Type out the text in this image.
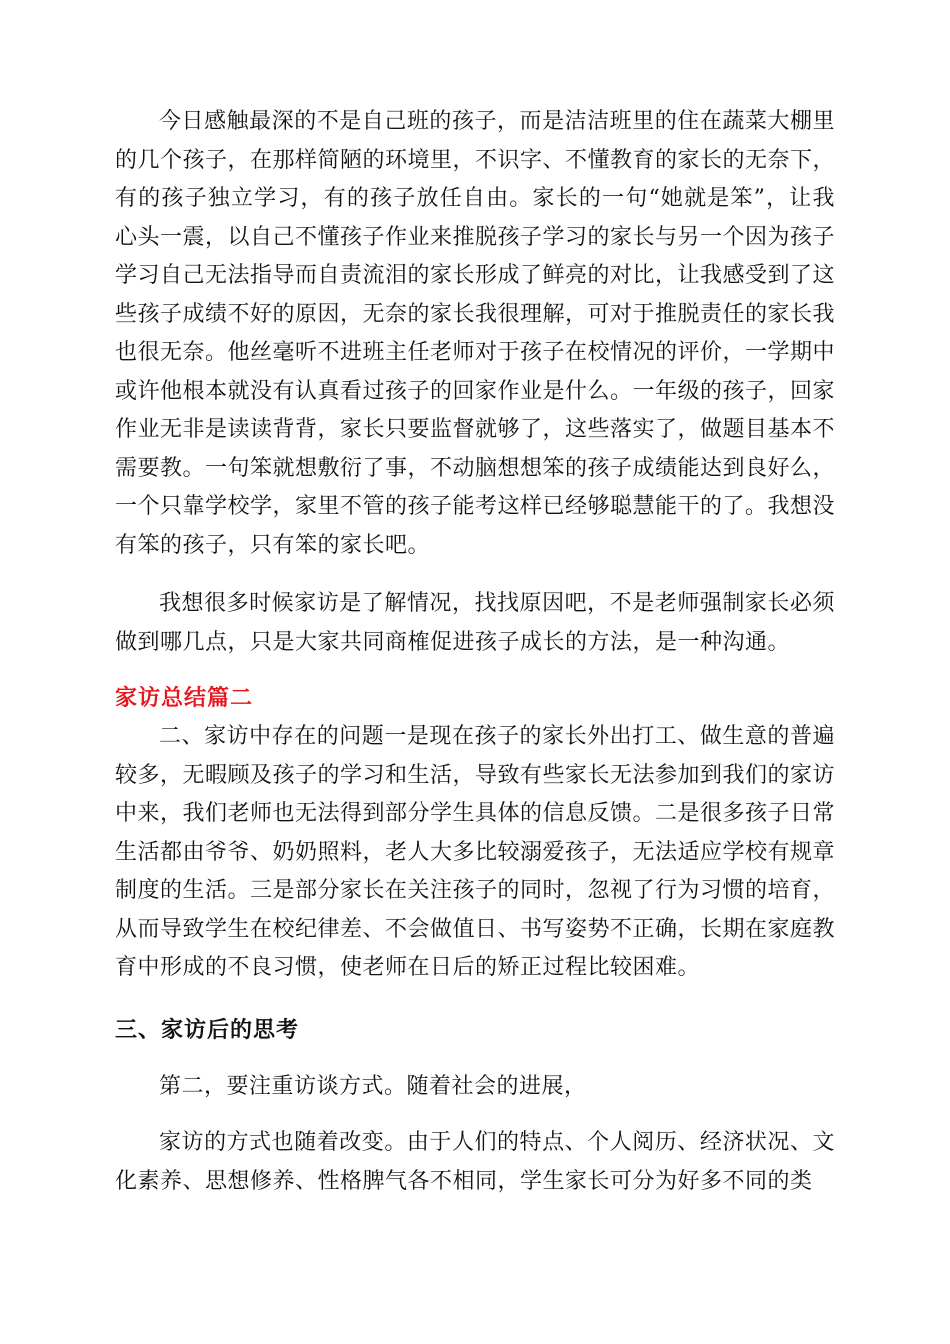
今日感触最深的不是自己班的孩子，而是洁洁班里的住在蔬菜大棚里的几个孩子，在那样简陋的环境里，不识字、不懂教育的家长的无奈下，有的孩子独立学习，有的孩子放任自由。家长的一句“她就是笨”，让我心头一震，以自己不懂孩子作业来推脱孩子学习的家长与另一个因为孩子学习自己无法指导而自责流泪的家长形成了鲜亮的对比，让我感受到了这些孩子成绩不好的原因，无奈的家长我很理解，可对于推脱责任的家长我也很无奈。他丝毫听不进班主任老师对于孩子在校情况的评价，一学期中或许他根本就没有认真看过孩子的回家作业是什么。一年级的孩子，回家作业无非是读读背背，家长只要监督就够了，这些落实了，做题目基本不需要教。一句笨就想敷衍了事，不动脑想想笨的孩子成绩能达到良好么，一个只靠学校学，家里不管的孩子能考这样已经够聪慧能干的了。我想没有笨的孩子，只有笨的家长吧。

我想很多时候家访是了解情况，找找原因吧，不是老师强制家长必须做到哪几点，只是大家共同商榷促进孩子成长的方法，是一种沟通。

家访总结篇二

二、家访中存在的问题一是现在孩子的家长外出打工、做生意的普遍较多，无暇顾及孩子的学习和生活，导致有些家长无法参加到我们的家访中来，我们老师也无法得到部分学生具体的信息反馈。二是很多孩子日常生活都由爷爷、奶奶照料，老人大多比较溺爱孩子，无法适应学校有规章制度的生活。三是部分家长在关注孩子的同时，忽视了行为习惯的培育，从而导致学生在校纪律差、不会做值日、书写姿势不正确，长期在家庭教育中形成的不良习惯，使老师在日后的矫正过程比较困难。

三、家访后的思考

第二，要注重访谈方式。随着社会的进展，

家访的方式也随着改变。由于人们的特点、个人阅历、经济状况、文化素养、思想修养、性格脾气各不相同，学生家长可分为好多不同的类
